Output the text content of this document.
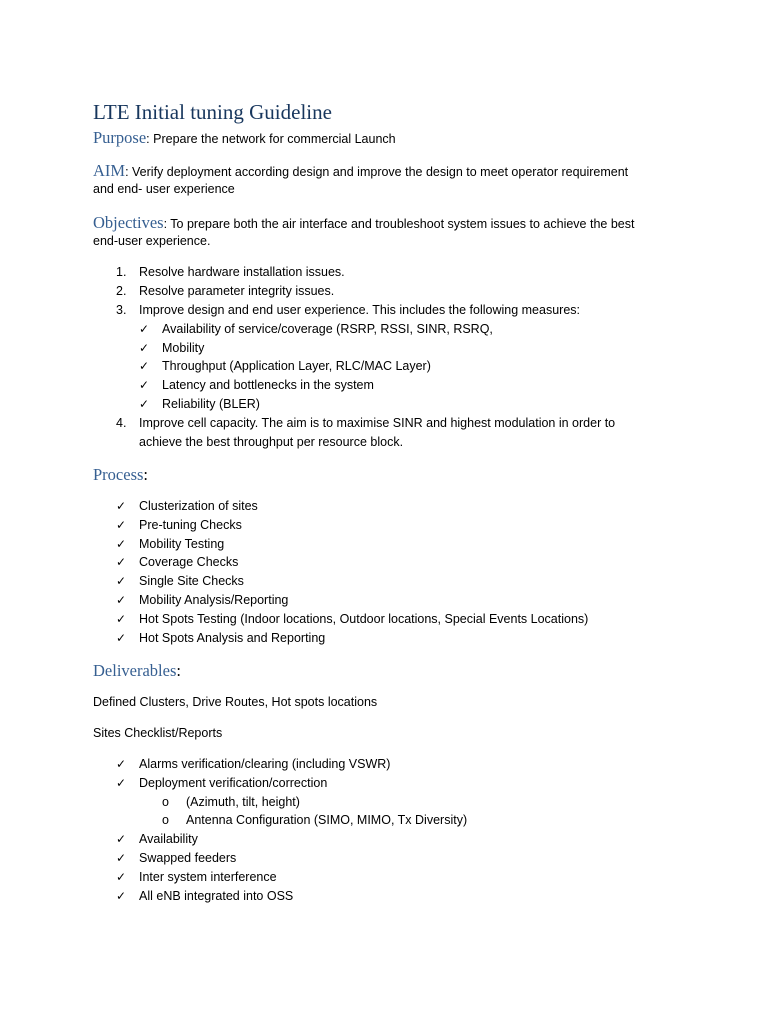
LTE Initial tuning Guideline
Purpose: Prepare the network for commercial Launch
AIM: Verify deployment according design and improve the design to meet operator requirement
and end- user experience
Objectives: To prepare both the air interface and troubleshoot system issues to achieve the best
end-user experience.
1. Resolve hardware installation issues.
2. Resolve parameter integrity issues.
3. Improve design and end user experience. This includes the following measures:
✓ Availability of service/coverage (RSRP, RSSI, SINR, RSRQ,
✓ Mobility
✓ Throughput (Application Layer, RLC/MAC Layer)
✓ Latency and bottlenecks in the system
✓ Reliability (BLER)
4. Improve cell capacity. The aim is to maximise SINR and highest modulation in order to
achieve the best throughput per resource block.
Process:
✓ Clusterization of sites
✓ Pre-tuning Checks
✓ Mobility Testing
✓ Coverage Checks
✓ Single Site Checks
✓ Mobility Analysis/Reporting
✓ Hot Spots Testing (Indoor locations, Outdoor locations, Special Events Locations)
✓ Hot Spots Analysis and Reporting
Deliverables:
Defined Clusters, Drive Routes, Hot spots locations
Sites Checklist/Reports
✓ Alarms verification/clearing (including VSWR)
✓ Deployment verification/correction
o (Azimuth, tilt, height)
o Antenna Configuration (SIMO, MIMO, Tx Diversity)
✓ Availability
✓ Swapped feeders
✓ Inter system interference
✓ All eNB integrated into OSS
